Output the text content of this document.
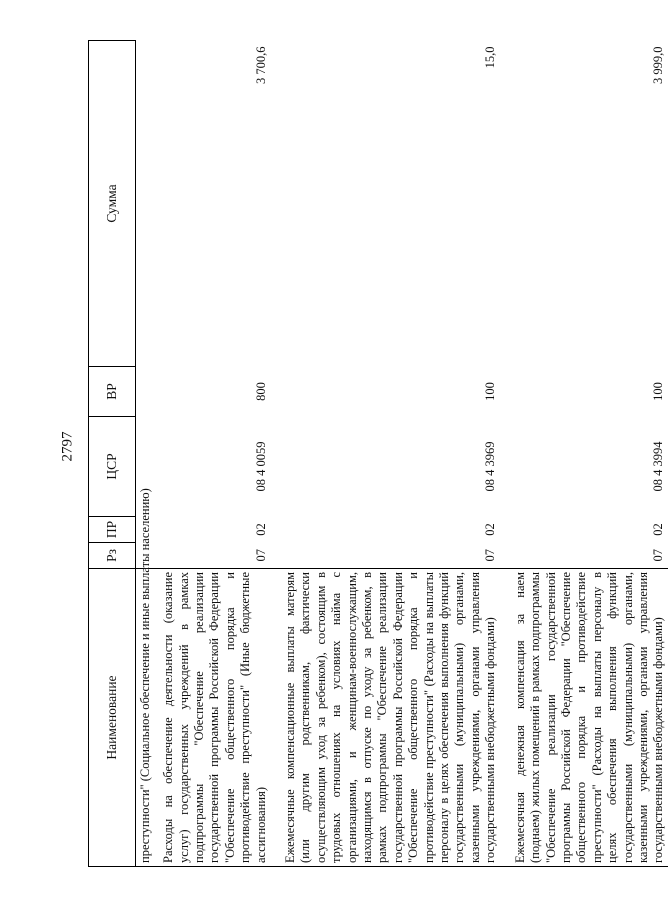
2797
Наименование	Рз	ПР	ЦСР	ВР	Сумма
преступности" (Социальное обеспечение и иные выплаты населению)					
Расходы на обеспечение деятельности (оказание услуг) государственных учреждений в рамках подпрограммы "Обеспечение реализации государственной программы Российской Федерации "Обеспечение общественного порядка и противодействие преступности" (Иные бюджетные ассигнования)	07	02	08 4 0059	800	3 700,6

Ежемесячные компенсационные выплаты матерям (или другим родственникам, фактически осуществляющим уход за ребенком), состоящим в трудовых отношениях на условиях найма с организациями, и женщинам-военнослужащим, находящимся в отпуске по уходу за ребенком, в рамках подпрограммы "Обеспечение реализации государственной программы Российской Федерации "Обеспечение общественного порядка и противодействие преступности" (Расходы на выплаты персоналу в целях обеспечения выполнения функций государственными (муниципальными) органами, казенными учреждениями, органами управления государственными внебюджетными фондами)	07	02	08 4 3969	100	15,0

Ежемесячная денежная компенсация за наем (поднаем) жилых помещений в рамках подпрограммы "Обеспечение реализации государственной программы Российской Федерации "Обеспечение общественного порядка и противодействие преступности" (Расходы на выплаты персоналу в целях обеспечения выполнения функций государственными (муниципальными) органами, казенными учреждениями, органами управления государственными внебюджетными фондами)	07	02	08 4 3994	100	3 999,0
